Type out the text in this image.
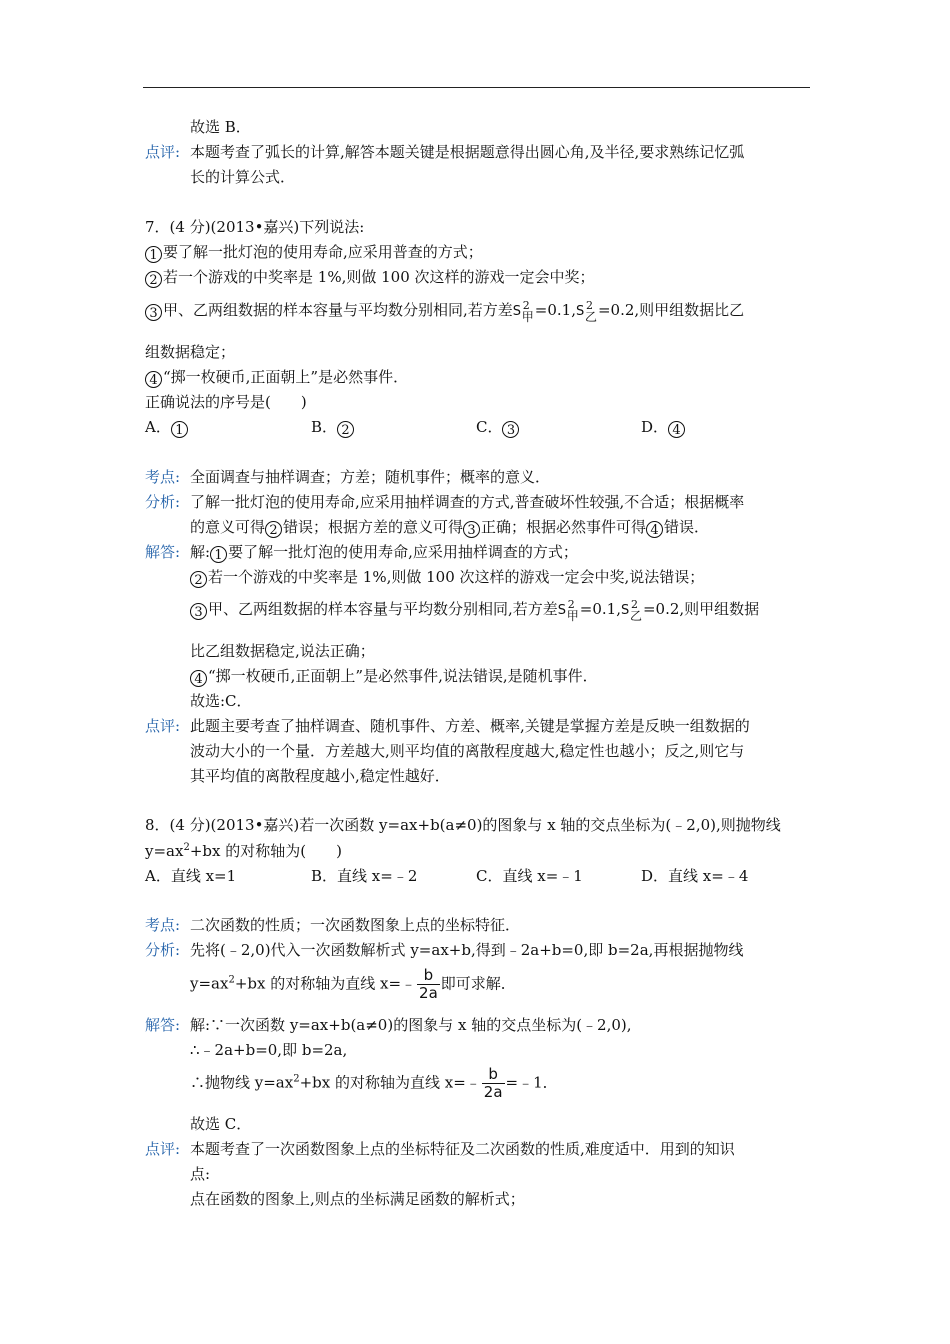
故选 B．
点评: 本题考查了弧长的计算,解答本题关键是根据题意得出圆心角,及半径,要求熟练记忆弧
长的计算公式．
7．(4 分)(2013•嘉兴)下列说法:
1 要了解一批灯泡的使用寿命,应采用普查的方式；
2 若一个游戏的中奖率是 1%,则做 100 次这样的游戏一定会中奖；
3 甲、乙两组数据的样本容量与平均数分别相同,若方差 S 2
甲 =0.1, S 2
乙 =0.2,则甲组数据比乙
组数据稳定；
4 “掷一枚硬币,正面朝上”是必然事件．
正确说法的序号是(　　)
A． 1	B． 2	C． 3	D． 4
考点: 全面调查与抽样调查；方差；随机事件；概率的意义．
分析: 了解一批灯泡的使用寿命,应采用抽样调查的方式,普查破坏性较强,不合适；根据概率
的意义可得 2 错误；根据方差的意义可得 3 正确；根据必然事件可得 4 错误．
解答: 解: 1 要了解一批灯泡的使用寿命,应采用抽样调查的方式；
2 若一个游戏的中奖率是 1%,则做 100 次这样的游戏一定会中奖,说法错误；
3 甲、乙两组数据的样本容量与平均数分别相同,若方差 S 2
甲 =0.1, S 2
乙 =0.2,则甲组数据
比乙组数据稳定,说法正确；
4 “掷一枚硬币,正面朝上”是必然事件,说法错误,是随机事件．
故选:C．
点评: 此题主要考查了抽样调查、随机事件、方差、概率,关键是掌握方差是反映一组数据的
波动大小的一个量．方差越大,则平均值的离散程度越大,稳定性也越小；反之,则它与
其平均值的离散程度越小,稳定性越好．
8．(4 分)(2013•嘉兴)若一次函数 y=ax+b(a≠0)的图象与 x 轴的交点坐标为(﹣2,0),则抛物线
$y=ax^2+bx$ 的对称轴为(　　)
A．直线 x=1	B．直线 x=﹣2	C．直线 x=﹣1	D．直线 x=﹣4
考点: 二次函数的性质；一次函数图象上点的坐标特征．
分析: 先将(﹣2,0)代入一次函数解析式 y=ax+b,得到﹣2a+b=0,即 b=2a,再根据抛物线
$y=ax^2+bx$ 的对称轴为直线 x=﹣ $\frac{b}{2a}$ 即可求解．
解答: 解:∵一次函数 y=ax+b(a≠0)的图象与 x 轴的交点坐标为(﹣2,0),
∴﹣2a+b=0,即 b=2a,
∴抛物线 $y=ax^2+bx$ 的对称轴为直线 x=﹣ $\frac{b}{2a}$ =﹣1．
故选 C．
点评: 本题考查了一次函数图象上点的坐标特征及二次函数的性质,难度适中．用到的知识
点:
点在函数的图象上,则点的坐标满足函数的解析式；
